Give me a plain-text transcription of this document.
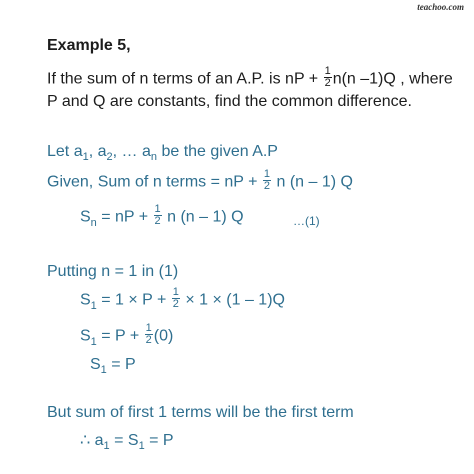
teachoo.com
Example 5,
If the sum of n terms of an A.P. is nP + $\frac{1}{2} n(n$ –1)Q , where
P and Q are constants, find the common difference.
Let $a_1$, $a_2$, … $a_n$ be the given A.P
Given, Sum of n terms = nP + $\frac{1}{2}$ n (n – 1) Q
$S_n$ = nP + $\frac{1}{2}$ n (n – 1) Q	…(1)
Putting n = 1 in (1)
$S_1 = 1 \times P + \frac{1}{2} \times 1 \times (1 - 1)Q$
$S_1 = P + \frac{1}{2} (0)$
$S_1 = P$
But sum of first 1 terms will be the first term
∴ $a_1 = S_1 = P$
